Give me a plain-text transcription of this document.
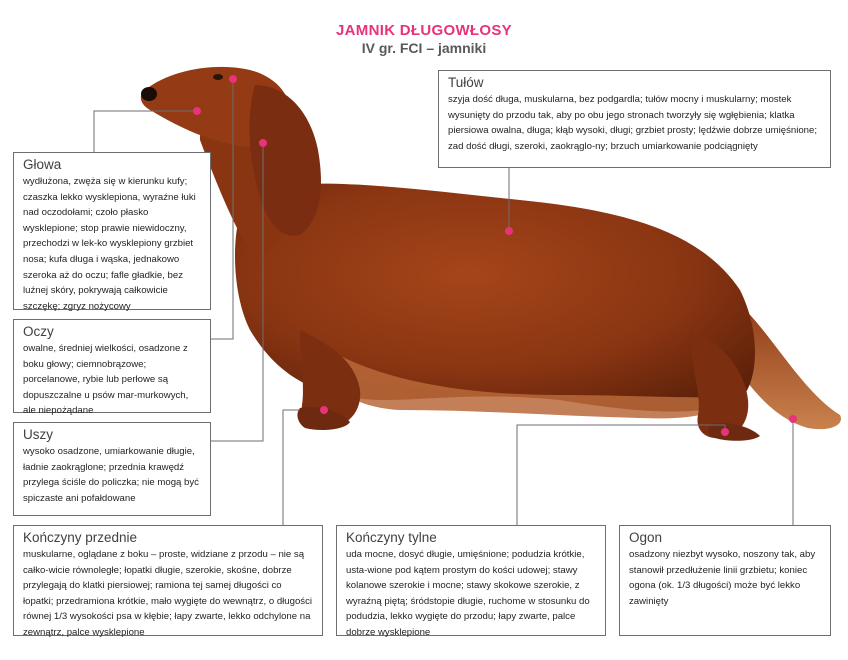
JAMNIK DŁUGOWŁOSY
IV gr. FCI – jamniki
Tułów

szyja dość długa, muskularna, bez podgardla; tułów mocny i muskularny; mostek wysunięty do przodu tak, aby po obu jego stronach tworzyły się wgłębienia; klatka piersiowa owalna, długa; kłąb wysoki, długi; grzbiet prosty; lędźwie dobrze umięśnione; zad dość długi, szeroki, zaokrąglo-ny; brzuch umiarkowanie podciągnięty

Głowa

wydłużona, zwęża się w kierunku kufy; czaszka lekko wysklepiona, wyraźne łuki nad oczodołami; czoło płasko wysklepione; stop prawie niewidoczny, przechodzi w lek-ko wysklepiony grzbiet nosa; kufa długa i wąska, jednakowo szeroka aż do oczu; fafle gładkie, bez luźnej skóry, pokrywają całkowicie szczękę; zgryz nożycowy

Oczy

owalne, średniej wielkości, osadzone z boku głowy; ciemnobrązowe; porcelanowe, rybie lub perłowe są dopuszczalne u psów mar-murkowych, ale niepożądane

Uszy

wysoko osadzone, umiarkowanie długie, ładnie zaokrąglone; przednia krawędź przylega ściśle do policzka; nie mogą być spiczaste ani pofałdowane

Kończyny przednie

muskularne, oglądane z boku – proste, widziane z przodu – nie są całko-wicie równoległe; łopatki długie, szerokie, skośne, dobrze przylegają do klatki piersiowej; ramiona tej samej długości co łopatki; przedramiona krótkie, mało wygięte do wewnątrz, o długości równej 1/3 wysokości psa w kłębie; łapy zwarte, lekko odchylone na zewnątrz, palce wysklepione

Kończyny tylne

uda mocne, dosyć długie, umięśnione; podudzia krótkie, usta-wione pod kątem prostym do kości udowej; stawy kolanowe szerokie i mocne; stawy skokowe szerokie, z wyraźną piętą; śródstopie długie, ruchome w stosunku do podudzia, lekko wygięte do przodu; łapy zwarte, palce dobrze wysklepione

Ogon

osadzony niezbyt wysoko, noszony tak, aby stanowił przedłużenie linii grzbietu; koniec ogona (ok. 1/3 długości) może być lekko zawinięty
